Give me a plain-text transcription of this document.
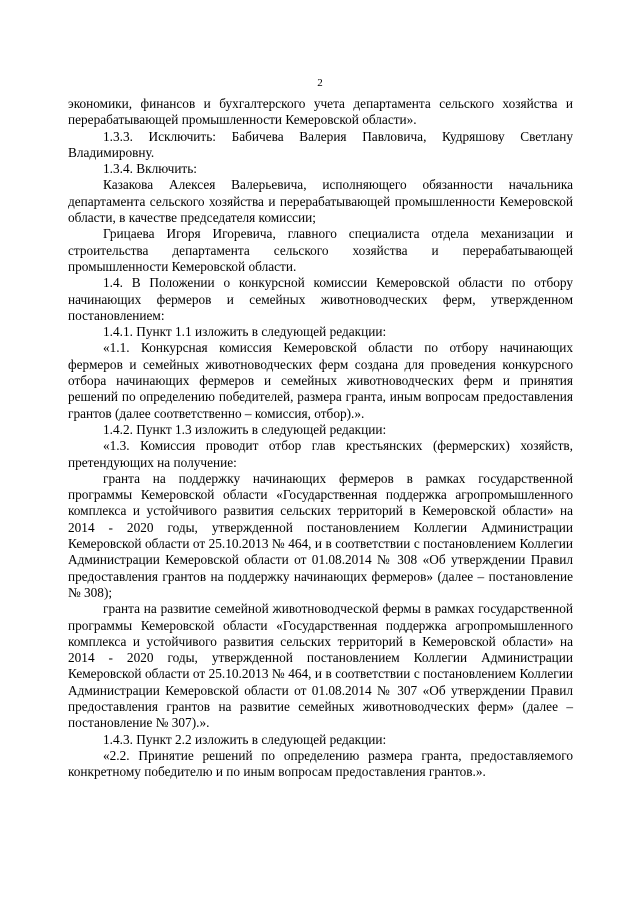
2

экономики, финансов и бухгалтерского учета департамента сельского хозяйства и перерабатывающей промышленности Кемеровской области».

1.3.3. Исключить: Бабичева Валерия Павловича, Кудряшову Светлану Владимировну.

1.3.4. Включить:

Казакова Алексея Валерьевича, исполняющего обязанности начальника департамента сельского хозяйства и перерабатывающей промышленности Кемеровской области, в качестве председателя комиссии;

Грицаева Игоря Игоревича, главного специалиста отдела механизации и строительства департамента сельского хозяйства и перерабатывающей промышленности Кемеровской области.

1.4. В Положении о конкурсной комиссии Кемеровской области по отбору начинающих фермеров и семейных животноводческих ферм, утвержденном постановлением:

1.4.1. Пункт 1.1 изложить в следующей редакции:

«1.1. Конкурсная комиссия Кемеровской области по отбору начинающих фермеров и семейных животноводческих ферм создана для проведения конкурсного отбора начинающих фермеров и семейных животноводческих ферм и принятия решений по определению победителей, размера гранта, иным вопросам предоставления грантов (далее соответственно – комиссия, отбор).».

1.4.2. Пункт 1.3 изложить в следующей редакции:

«1.3. Комиссия проводит отбор глав крестьянских (фермерских) хозяйств, претендующих на получение:

гранта на поддержку начинающих фермеров в рамках государственной программы Кемеровской области «Государственная поддержка агропромышленного комплекса и устойчивого развития сельских территорий в Кемеровской области» на 2014 - 2020 годы, утвержденной постановлением Коллегии Администрации Кемеровской области от 25.10.2013 № 464, и в соответствии с постановлением Коллегии Администрации Кемеровской области от 01.08.2014 № 308 «Об утверждении Правил предоставления грантов на поддержку начинающих фермеров» (далее – постановление № 308);

гранта на развитие семейной животноводческой фермы в рамках государственной программы Кемеровской области «Государственная поддержка агропромышленного комплекса и устойчивого развития сельских территорий в Кемеровской области» на 2014 - 2020 годы, утвержденной постановлением Коллегии Администрации Кемеровской области от 25.10.2013 № 464, и в соответствии с постановлением Коллегии Администрации Кемеровской области от 01.08.2014 № 307 «Об утверждении Правил предоставления грантов на развитие семейных животноводческих ферм» (далее – постановление № 307).».

1.4.3. Пункт 2.2 изложить в следующей редакции:

«2.2. Принятие решений по определению размера гранта, предоставляемого конкретному победителю и по иным вопросам предоставления грантов.».
